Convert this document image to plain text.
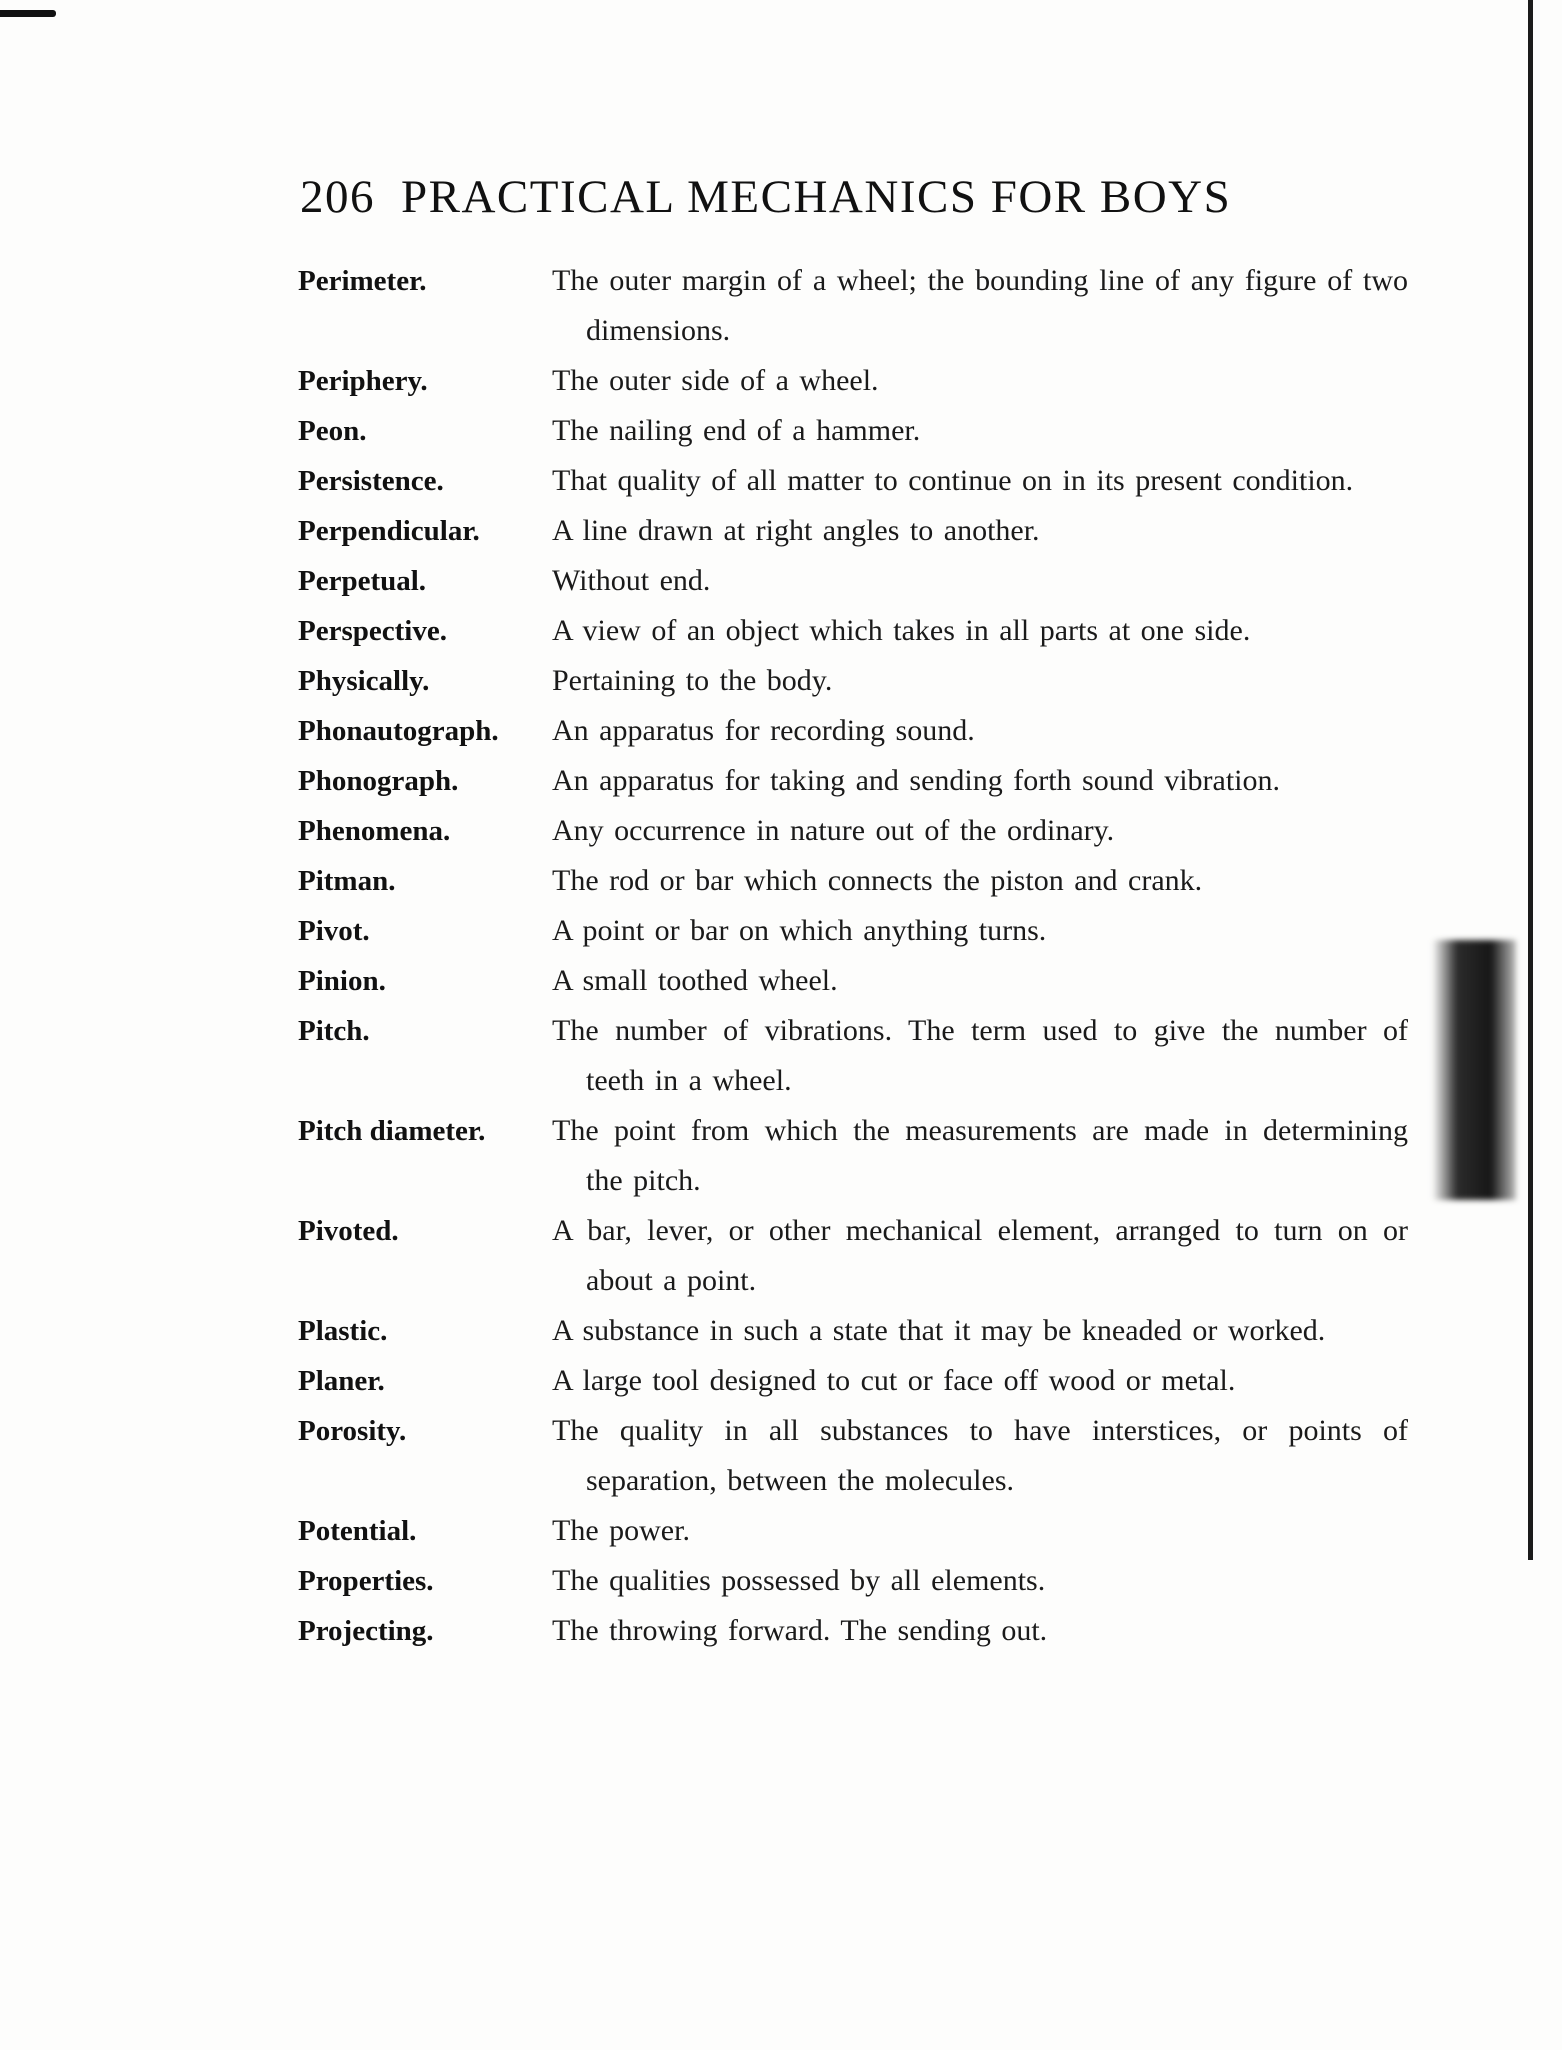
206 PRACTICAL MECHANICS FOR BOYS
Perimeter.	The outer margin of a wheel; the bounding line of any figure of two dimensions.
Periphery.	The outer side of a wheel.
Peon.	The nailing end of a hammer.
Persistence.	That quality of all matter to continue on in its present condition.
Perpendicular.	A line drawn at right angles to another.
Perpetual.	Without end.
Perspective.	A view of an object which takes in all parts at one side.
Physically.	Pertaining to the body.
Phonautograph.	An apparatus for recording sound.
Phonograph.	An apparatus for taking and sending forth sound vibration.
Phenomena.	Any occurrence in nature out of the ordinary.
Pitman.	The rod or bar which connects the piston and crank.
Pivot.	A point or bar on which anything turns.
Pinion.	A small toothed wheel.
Pitch.	The number of vibrations. The term used to give the number of teeth in a wheel.
Pitch diameter.	The point from which the measurements are made in determining the pitch.
Pivoted.	A bar, lever, or other mechanical element, arranged to turn on or about a point.
Plastic.	A substance in such a state that it may be kneaded or worked.
Planer.	A large tool designed to cut or face off wood or metal.
Porosity.	The quality in all substances to have interstices, or points of separation, between the molecules.
Potential.	The power.
Properties.	The qualities possessed by all elements.
Projecting.	The throwing forward. The sending out.
